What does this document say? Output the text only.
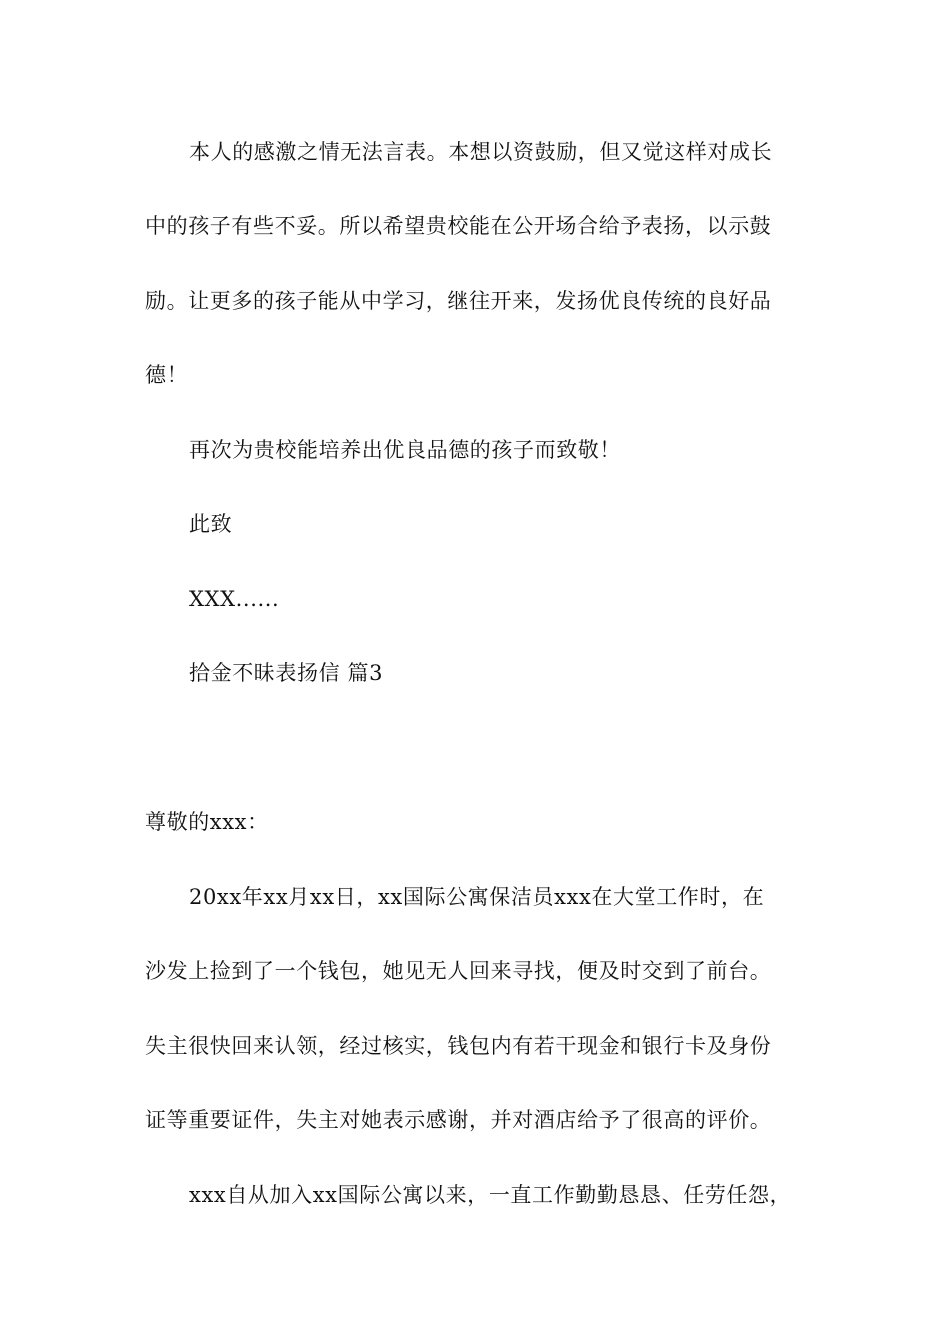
本人的感激之情无法言表。本想以资鼓励，但又觉这样对成长
中的孩子有些不妥。所以希望贵校能在公开场合给予表扬，以示鼓
励。让更多的孩子能从中学习，继往开来，发扬优良传统的良好品
德！
再次为贵校能培养出优良品德的孩子而致敬！
此致
XXX......
拾金不昧表扬信 篇3
尊敬的xxx：
20xx年xx月xx日，xx国际公寓保洁员xxx在大堂工作时，在
沙发上捡到了一个钱包，她见无人回来寻找，便及时交到了前台。
失主很快回来认领，经过核实，钱包内有若干现金和银行卡及身份
证等重要证件，失主对她表示感谢，并对酒店给予了很高的评价。
xxx自从加入xx国际公寓以来，一直工作勤勤恳恳、任劳任怨，
